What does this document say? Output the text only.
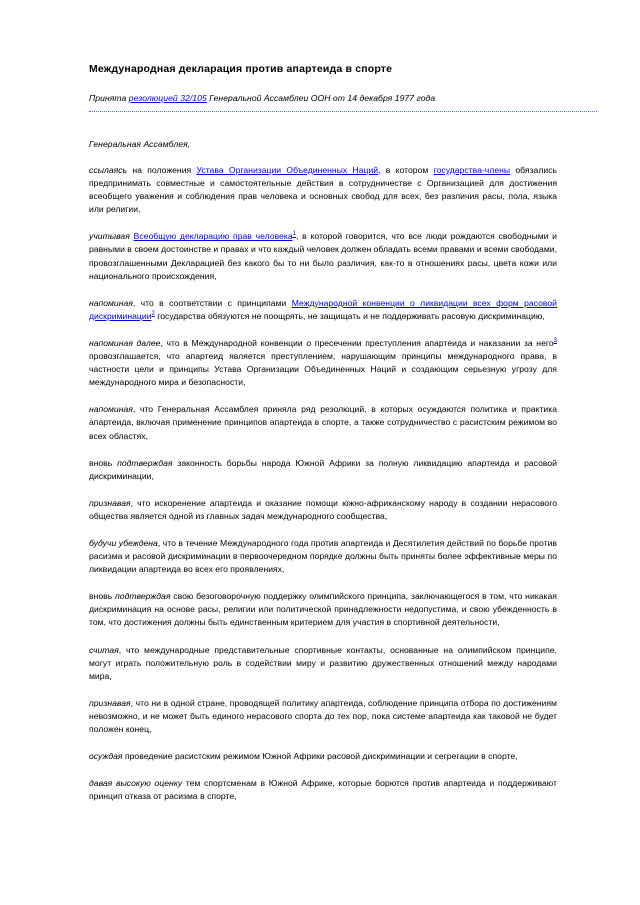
Международная декларация против апартеида в спорте

Принята резолюцией 32/105 Генеральной Ассамблеи ООН от 14 декабря 1977 года

Генеральная Ассамблея,

ссылаясь на положения Устава Организации Объединенных Наций, в котором государства-члены обязались предпринимать совместные и самостоятельные действия в сотрудничестве с Организацией для достижения всеобщего уважения и соблюдения прав человека и основных свобод для всех, без различия расы, пола, языка или религии,

учитывая Всеобщую декларацию прав человека$^1$, в которой говорится, что все люди рождаются свободными и равными в своем достоинстве и правах и что каждый человек должен обладать всеми правами и всеми свободами, провозглашенными Декларацией без какого бы то ни было различия, как-то в отношениях расы, цвета кожи или национального происхождения,

напоминая, что в соответствии с принципами Международной конвенции о ликвидации всех форм расовой дискриминации$^2$ государства обязуются не поощрять, не защищать и не поддерживать расовую дискриминацию,

напоминая далее, что в Международной конвенции о пресечении преступления апартеида и наказании за него$^3$ провозглашается, что апартеид является преступлением, нарушающим принципы международного права, в частности цели и принципы Устава Организации Объединенных Наций и создающим серьезную угрозу для международного мира и безопасности,

напоминая, что Генеральная Ассамблея приняла ряд резолюций, в которых осуждаются политика и практика апартеида, включая применение принципов апартеида в спорте, а также сотрудничество с расистским режимом во всех областях,

вновь подтверждая законность борьбы народа Южной Африки за полную ликвидацию апартеида и расовой дискриминации,

признавая, что искоренение апартеида и оказание помощи южно-африканскому народу в создании нерасового общества является одной из главных задач международного сообщества,

будучи убеждена, что в течение Международного года против апартеида и Десятилетия действий по борьбе против расизма и расовой дискриминации в первоочередном порядке должны быть приняты более эффективные меры по ликвидации апартеида во всех его проявлениях,

вновь подтверждая свою безоговорочную поддержку олимпийского принципа, заключающегося в том, что никакая дискриминация на основе расы, религии или политической принадлежности недопустима, и свою убежденность в том, что достижения должны быть единственным критерием для участия в спортивной деятельности,

считая, что международные представительные спортивные контакты, основанные на олимпийском принципе, могут играть положительную роль в содействии миру и развитию дружественных отношений между народами мира,

признавая, что ни в одной стране, проводящей политику апартеида, соблюдение принципа отбора по достижениям невозможно, и не может быть единого нерасового спорта до тех пор, пока системе апартеида как таковой не будет положен конец,

осуждая проведение расистским режимом Южной Африки расовой дискриминации и сегрегации в спорте,

давая высокую оценку тем спортсменам в Южной Африке, которые борются против апартеида и поддерживают принцип отказа от расизма в спорте,
